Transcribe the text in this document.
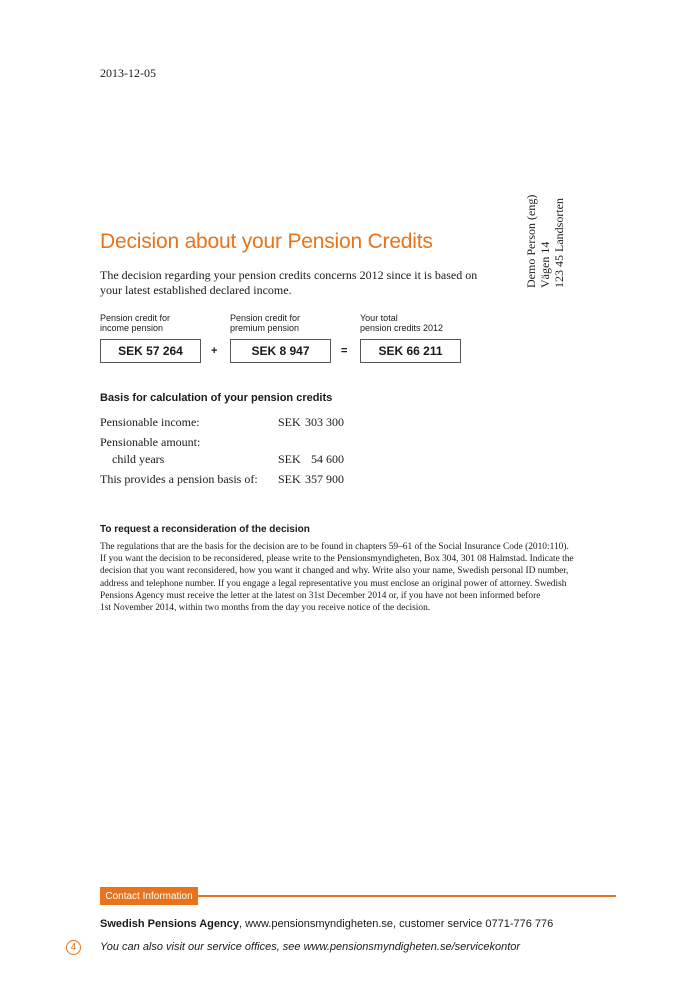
2013-12-05
Demo Person (eng) Vägen 14 123 45 Landsorten
Decision about your Pension Credits
The decision regarding your pension credits concerns 2012 since it is based on your latest established declared income.
Pension credit for
income pension
SEK 57 264	+
Pension credit for
premium pension
SEK 8 947	=
Your total
pension credits 2012
SEK 66 211
Basis for calculation of your pension credits
Pensionable income:	SEK 303 300
Pensionable amount:
child years	SEK 54 600
This provides a pension basis of: SEK 357 900
To request a reconsideration of the decision
The regulations that are the basis for the decision are to be found in chapters 59–61 of the Social Insurance Code (2010:110).
If you want the decision to be reconsidered, please write to the Pensionsmyndigheten, Box 304, 301 08 Halmstad. Indicate the
decision that you want reconsidered, how you want it changed and why. Write also your name, Swedish personal ID number,
address and telephone number. If you engage a legal representative you must enclose an original power of attorney. Swedish
Pensions Agency must receive the letter at the latest on 31st December 2014 or, if you have not been informed before
1st November 2014, within two months from the day you receive notice of the decision.
Contact Information
Swedish Pensions Agency, www.pensionsmyndigheten.se, customer service 0771-776 776
You can also visit our service offices, see www.pensionsmyndigheten.se/servicekontor
4
